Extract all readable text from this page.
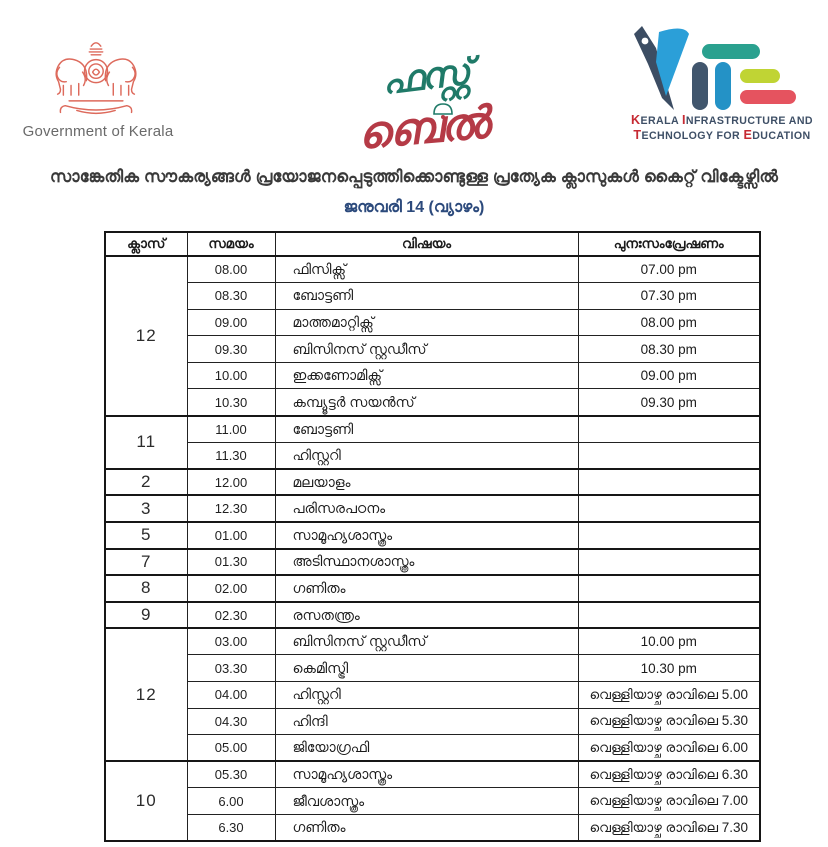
Government of Kerala
ഫസ്റ്റ്
ബെൽ	KERALA INFRASTRUCTURE AND
TECHNOLOGY FOR EDUCATION
സാങ്കേതിക സൗകര്യങ്ങൾ പ്രയോജനപ്പെടുത്തിക്കൊണ്ടുള്ള പ്രത്യേക ക്ലാസുകൾ കൈറ്റ് വിക്ടേഴ്സിൽ
ജനുവരി 14 (വ്യാഴം)
ക്ലാസ്	സമയം	വിഷയം	പുനഃസംപ്രേഷണം
12	08.00	ഫിസിക്സ്	07.00 pm
	08.30	ബോട്ടണി	07.30 pm
	09.00	മാത്തമാറ്റിക്സ്	08.00 pm
	09.30	ബിസിനസ് സ്റ്റഡീസ്	08.30 pm
	10.00	ഇക്കണോമിക്സ്	09.00 pm
	10.30	കമ്പ്യൂട്ടർ സയൻസ്	09.30 pm
11	11.00	ബോട്ടണി	
	11.30	ഹിസ്റ്ററി	
2	12.00	മലയാളം	
3	12.30	പരിസരപഠനം	
5	01.00	സാമൂഹ്യശാസ്ത്രം	
7	01.30	അടിസ്ഥാനശാസ്ത്രം	
8	02.00	ഗണിതം	
9	02.30	രസതന്ത്രം	
12	03.00	ബിസിനസ് സ്റ്റഡീസ്	10.00 pm
	03.30	കെമിസ്ട്രി	10.30 pm
	04.00	ഹിസ്റ്ററി	വെള്ളിയാഴ്ച രാവിലെ 5.00
	04.30	ഹിന്ദി	വെള്ളിയാഴ്ച രാവിലെ 5.30
	05.00	ജിയോഗ്രഫി	വെള്ളിയാഴ്ച രാവിലെ 6.00
10	05.30	സാമൂഹ്യശാസ്ത്രം	വെള്ളിയാഴ്ച രാവിലെ 6.30
	6.00	ജീവശാസ്ത്രം	വെള്ളിയാഴ്ച രാവിലെ 7.00
	6.30	ഗണിതം	വെള്ളിയാഴ്ച രാവിലെ 7.30
